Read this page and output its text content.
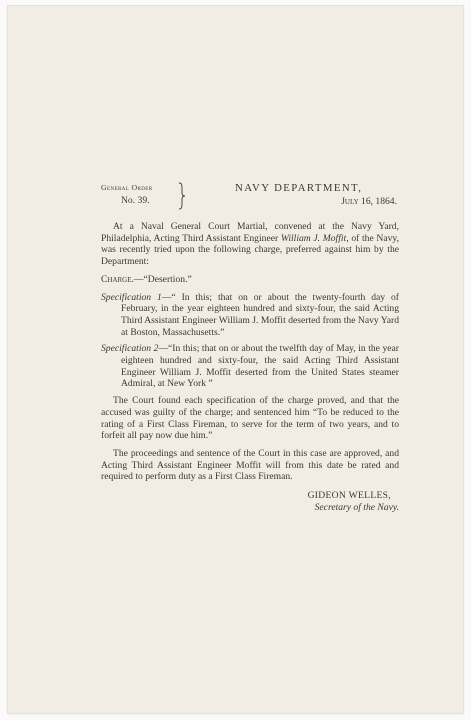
General Order
No. 39.
NAVY DEPARTMENT,
July 16, 1864.

At a Naval General Court Martial, convened at the Navy Yard, Philadelphia, Acting Third Assistant Engineer William J. Moffit, of the Navy, was recently tried upon the following charge, preferred against him by the Department:

Charge.—“Desertion.”

Specification 1—“ In this; that on or about the twenty-fourth day of February, in the year eighteen hundred and sixty-four, the said Acting Third Assistant Engineer William J. Moffit deserted from the Navy Yard at Boston, Massachusetts.”

Specification 2—“In this; that on or about the twelfth day of May, in the year eighteen hundred and sixty-four, the said Acting Third Assistant Engineer William J. Moffit deserted from the United States steamer Admiral, at New York ”

The Court found each specification of the charge proved, and that the accused was guilty of the charge; and sentenced him “To be reduced to the rating of a First Class Fireman, to serve for the term of two years, and to forfeit all pay now due him.”

The proceedings and sentence of the Court in this case are approved, and Acting Third Assistant Engineer Moffit will from this date be rated and required to perform duty as a First Class Fireman.

GIDEON WELLES,
Secretary of the Navy.
